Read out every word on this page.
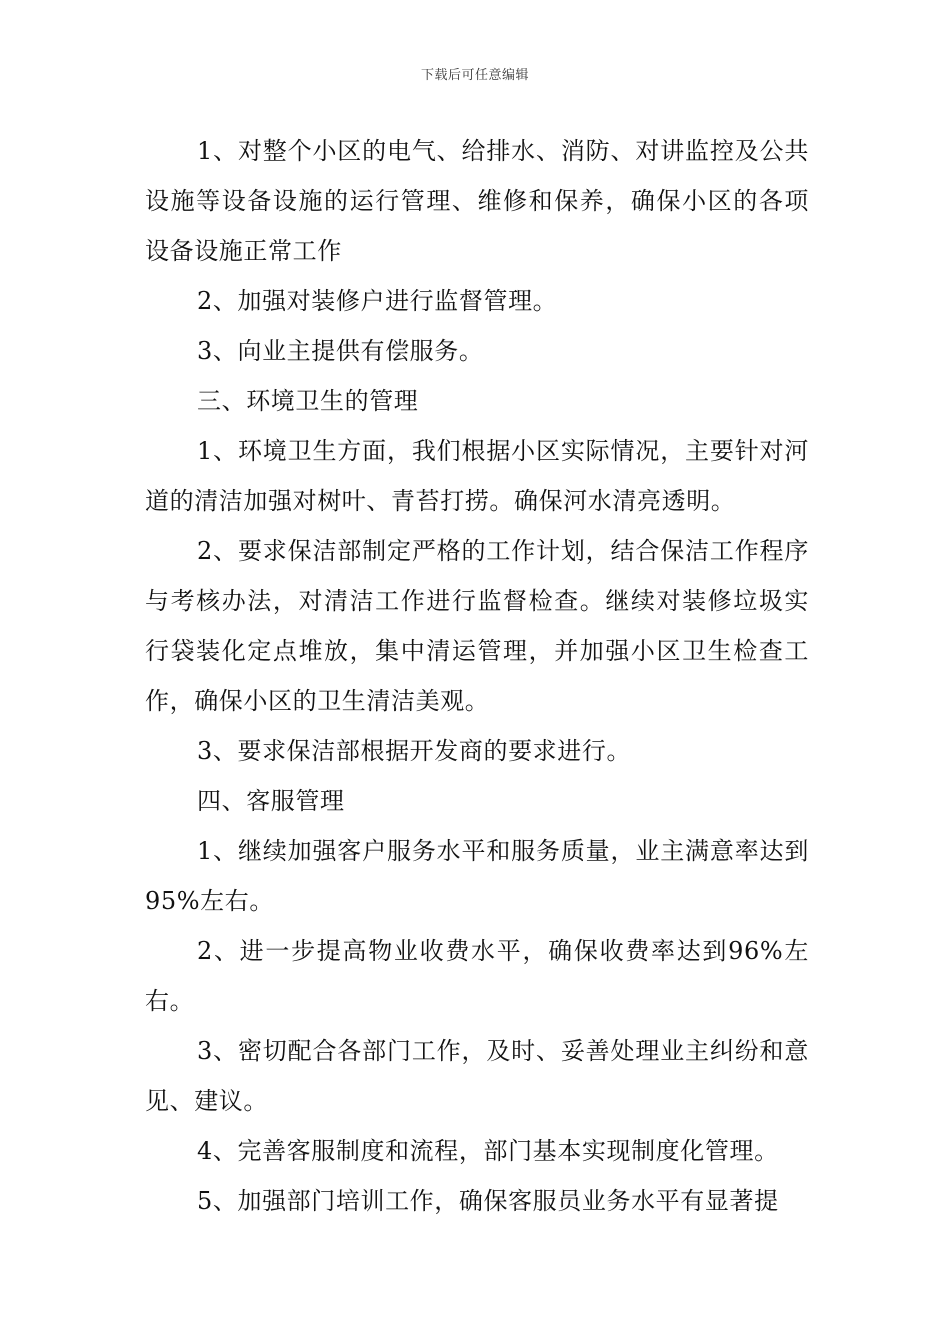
下载后可任意编辑

1、对整个小区的电气、给排水、消防、对讲监控及公共设施等设备设施的运行管理、维修和保养，确保小区的各项设备设施正常工作

2、加强对装修户进行监督管理。

3、向业主提供有偿服务。

三、环境卫生的管理

1、环境卫生方面，我们根据小区实际情况，主要针对河道的清洁加强对树叶、青苔打捞。确保河水清亮透明。

2、要求保洁部制定严格的工作计划，结合保洁工作程序与考核办法，对清洁工作进行监督检查。继续对装修垃圾实行袋装化定点堆放，集中清运管理，并加强小区卫生检查工作，确保小区的卫生清洁美观。

3、要求保洁部根据开发商的要求进行。

四、客服管理

1、继续加强客户服务水平和服务质量，业主满意率达到95%左右。

2、进一步提高物业收费水平，确保收费率达到96%左右。

3、密切配合各部门工作，及时、妥善处理业主纠纷和意见、建议。

4、完善客服制度和流程，部门基本实现制度化管理。

5、加强部门培训工作，确保客服员业务水平有显著提
